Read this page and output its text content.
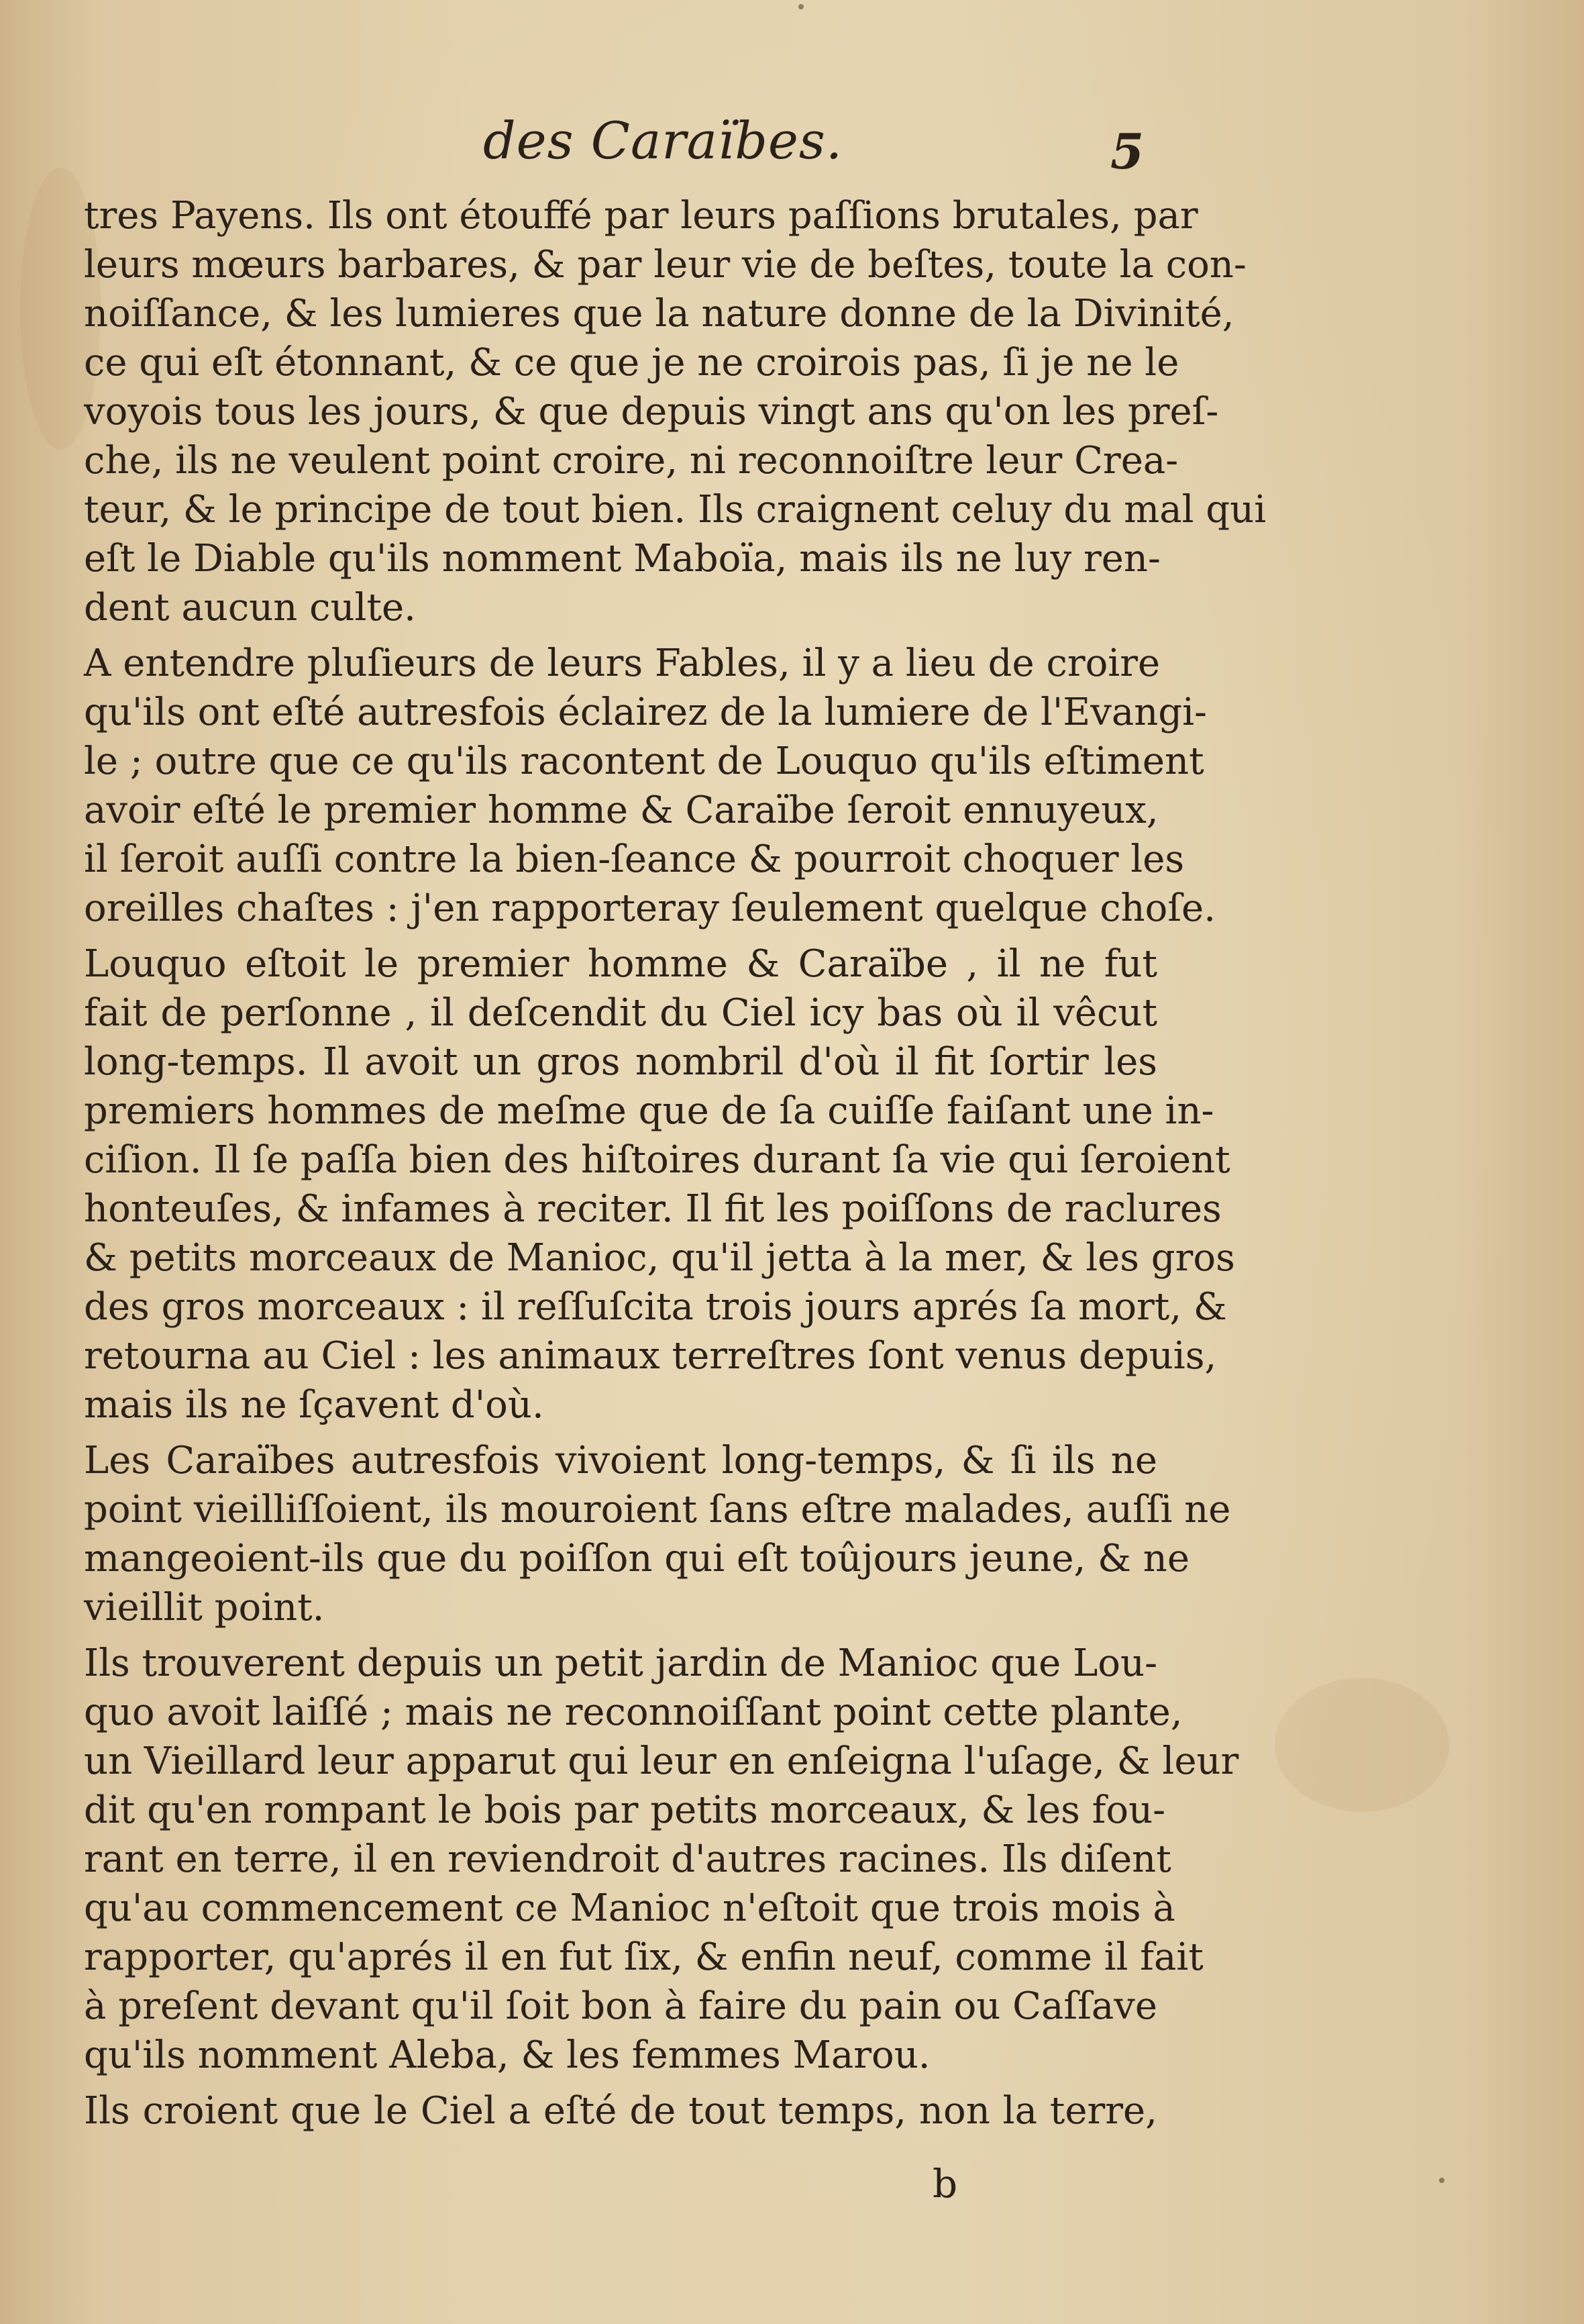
des Caraïbes.	5
tres Payens. Ils ont étouffé par leurs paſſions brutales, par
leurs mœurs barbares, & par leur vie de beſtes, toute la con-
noiſſance, & les lumieres que la nature donne de la Divinité,
ce qui eſt étonnant, & ce que je ne croirois pas, ſi je ne le
voyois tous les jours, & que depuis vingt ans qu'on les preſ-
che, ils ne veulent point croire, ni reconnoiſtre leur Crea-
teur, & le principe de tout bien. Ils craignent celuy du mal qui
eſt le Diable qu'ils nomment Maboïa, mais ils ne luy ren-
dent aucun culte.
A entendre pluſieurs de leurs Fables, il y a lieu de croire
qu'ils ont eſté autresfois éclairez de la lumiere de l'Evangi-
le ; outre que ce qu'ils racontent de Louquo qu'ils eſtiment
avoir eſté le premier homme & Caraïbe ſeroit ennuyeux,
il ſeroit auſſi contre la bien-ſeance & pourroit choquer les
oreilles chaſtes : j'en rapporteray ſeulement quelque choſe.
Louquo eſtoit le premier homme & Caraïbe , il ne fut
fait de perſonne , il deſcendit du Ciel icy bas où il vêcut
long-temps. Il avoit un gros nombril d'où il fit ſortir les
premiers hommes de meſme que de ſa cuiſſe faiſant une in-
ciſion. Il ſe paſſa bien des hiſtoires durant ſa vie qui ſeroient
honteuſes, & infames à reciter. Il fit les poiſſons de raclures
& petits morceaux de Manioc, qu'il jetta à la mer, & les gros
des gros morceaux : il reſſuſcita trois jours aprés ſa mort, &
retourna au Ciel : les animaux terreſtres ſont venus depuis,
mais ils ne ſçavent d'où.
Les Caraïbes autresfois vivoient long-temps, & ſi ils ne
point vieilliſſoient, ils mouroient ſans eſtre malades, auſſi ne
mangeoient-ils que du poiſſon qui eſt toûjours jeune, & ne
vieillit point.
Ils trouverent depuis un petit jardin de Manioc que Lou-
quo avoit laiſſé ; mais ne reconnoiſſant point cette plante,
un Vieillard leur apparut qui leur en enſeigna l'uſage, & leur
dit qu'en rompant le bois par petits morceaux, & les fou-
rant en terre, il en reviendroit d'autres racines. Ils diſent
qu'au commencement ce Manioc n'eſtoit que trois mois à
rapporter, qu'aprés il en fut ſix, & enfin neuf, comme il fait
à preſent devant qu'il ſoit bon à faire du pain ou Caſſave
qu'ils nomment Aleba, & les femmes Marou.
Ils croient que le Ciel a eſté de tout temps, non la terre,
b
